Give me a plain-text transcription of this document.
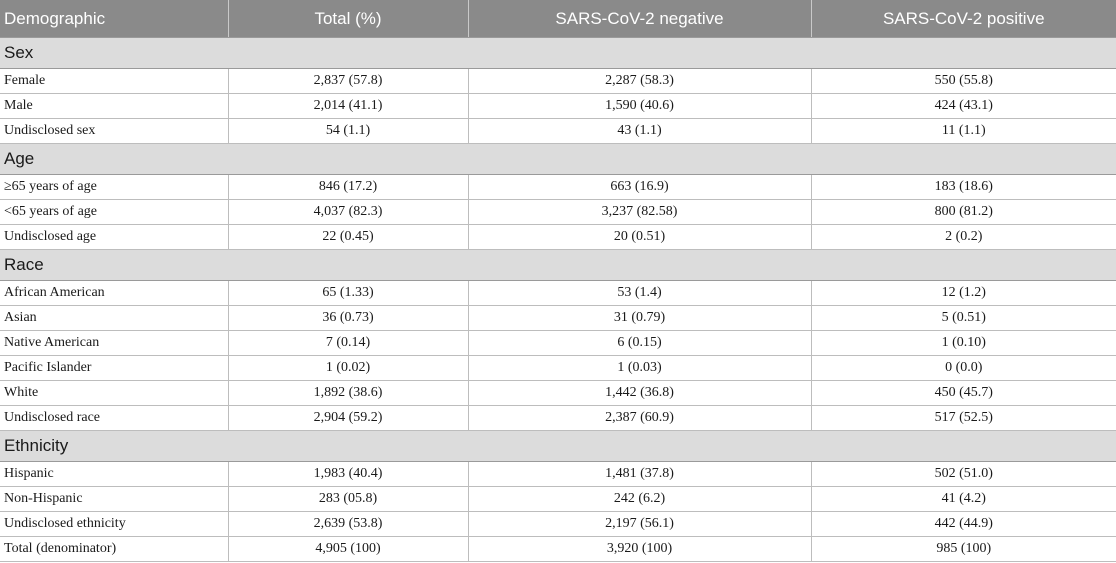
Demographic	Total (%)	SARS-CoV-2 negative	SARS-CoV-2 positive
Sex			
Female	2,837 (57.8)	2,287 (58.3)	550 (55.8)
Male	2,014 (41.1)	1,590 (40.6)	424 (43.1)
Undisclosed sex	54 (1.1)	43 (1.1)	11 (1.1)
Age			
≥65 years of age	846 (17.2)	663 (16.9)	183 (18.6)
<65 years of age	4,037 (82.3)	3,237 (82.58)	800 (81.2)
Undisclosed age	22 (0.45)	20 (0.51)	2 (0.2)
Race			
African American	65 (1.33)	53 (1.4)	12 (1.2)
Asian	36 (0.73)	31 (0.79)	5 (0.51)
Native American	7 (0.14)	6 (0.15)	1 (0.10)
Pacific Islander	1 (0.02)	1 (0.03)	0 (0.0)
White	1,892 (38.6)	1,442 (36.8)	450 (45.7)
Undisclosed race	2,904 (59.2)	2,387 (60.9)	517 (52.5)
Ethnicity			
Hispanic	1,983 (40.4)	1,481 (37.8)	502 (51.0)
Non-Hispanic	283 (05.8)	242 (6.2)	41 (4.2)
Undisclosed ethnicity	2,639 (53.8)	2,197 (56.1)	442 (44.9)
Total (denominator)	4,905 (100)	3,920 (100)	985 (100)
